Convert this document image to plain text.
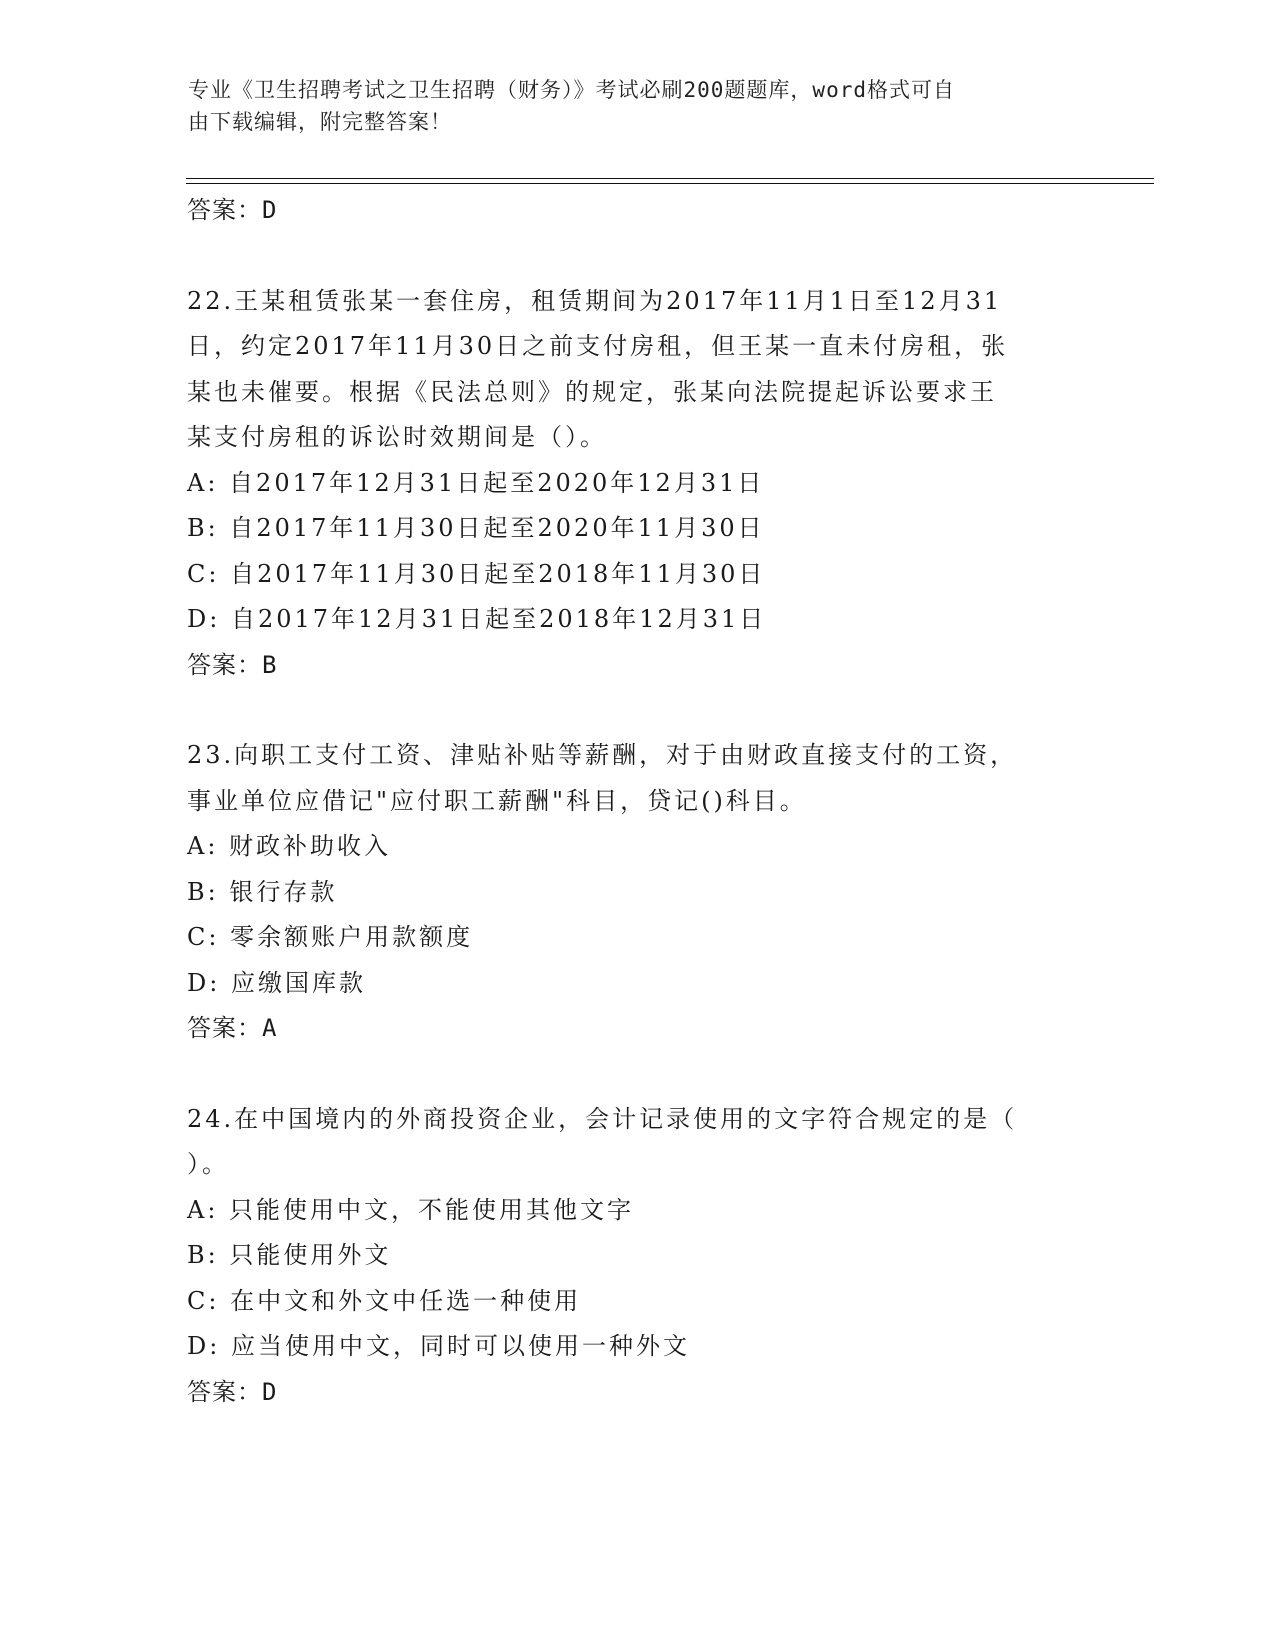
专业《卫生招聘考试之卫生招聘（财务）》考试必刷200题题库，word格式可自
由下载编辑，附完整答案！
答案：D
22.王某租赁张某一套住房，租赁期间为2017年11月1日至12月31
日，约定2017年11月30日之前支付房租，但王某一直未付房租，张
某也未催要。根据《民法总则》的规定，张某向法院提起诉讼要求王
某支付房租的诉讼时效期间是（）。
A: 自2017年12月31日起至2020年12月31日
B: 自2017年11月30日起至2020年11月30日
C: 自2017年11月30日起至2018年11月30日
D: 自2017年12月31日起至2018年12月31日
答案：B
23.向职工支付工资、津贴补贴等薪酬，对于由财政直接支付的工资，
事业单位应借记"应付职工薪酬"科目，贷记()科目。
A: 财政补助收入
B: 银行存款
C: 零余额账户用款额度
D: 应缴国库款
答案：A
24.在中国境内的外商投资企业，会计记录使用的文字符合规定的是（
）。
A: 只能使用中文，不能使用其他文字
B: 只能使用外文
C: 在中文和外文中任选一种使用
D: 应当使用中文，同时可以使用一种外文
答案：D
